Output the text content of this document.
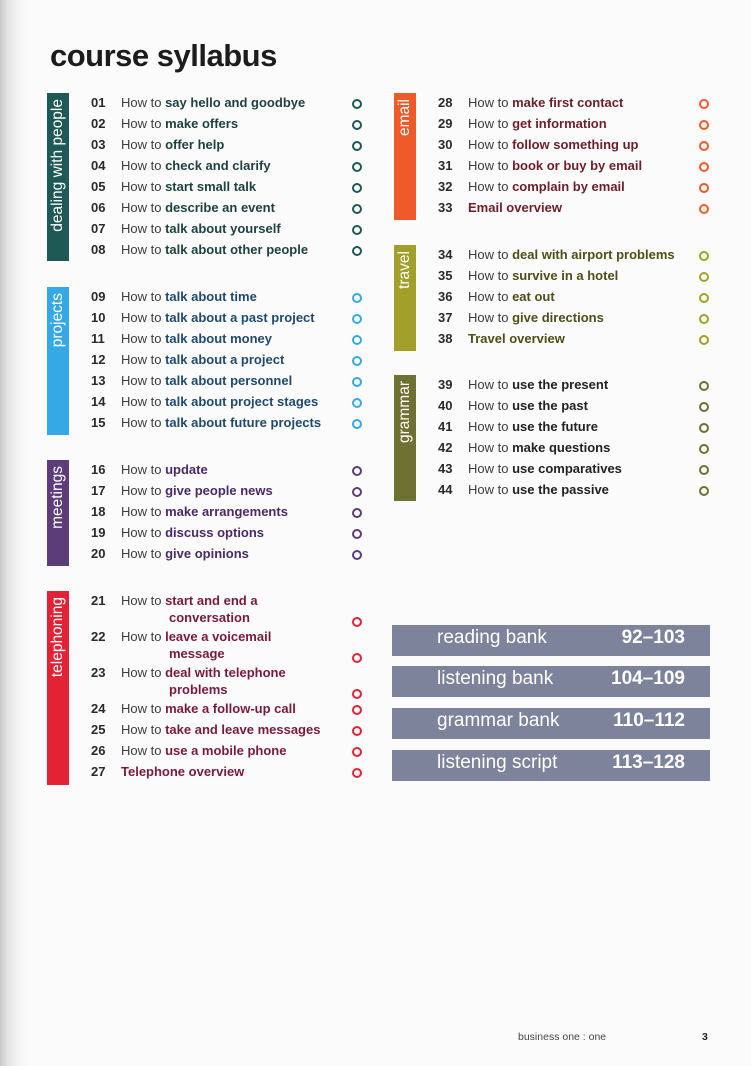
course syllabus
dealing with people 01 How to say hello and goodbye
02 How to make offers
03 How to offer help
04 How to check and clarify
05 How to start small talk
06 How to describe an event
07 How to talk about yourself
08 How to talk about other people
projects 09 How to talk about time
10 How to talk about a past project
11 How to talk about money
12 How to talk about a project
13 How to talk about personnel
14 How to talk about project stages
15 How to talk about future projects
meetings 16 How to update
17 How to give people news
18 How to make arrangements
19 How to discuss options
20 How to give opinions
telephoning 21 How to start and end a
conversation
22 How to leave a voicemail
message
23 How to deal with telephone
problems
24 How to make a follow-up call
25 How to take and leave messages
26 How to use a mobile phone
27 Telephone overview
email 28 How to make first contact
29 How to get information
30 How to follow something up
31 How to book or buy by email
32 How to complain by email
33 Email overview
travel 34 How to deal with airport problems
35 How to survive in a hotel
36 How to eat out
37 How to give directions
38 Travel overview
grammar 39 How to use the present
40 How to use the past
41 How to use the future
42 How to make questions
43 How to use comparatives
44 How to use the passive
reading bank	92–103
listening bank	104–109
grammar bank	110–112
listening script	113–128
business one : one	3
